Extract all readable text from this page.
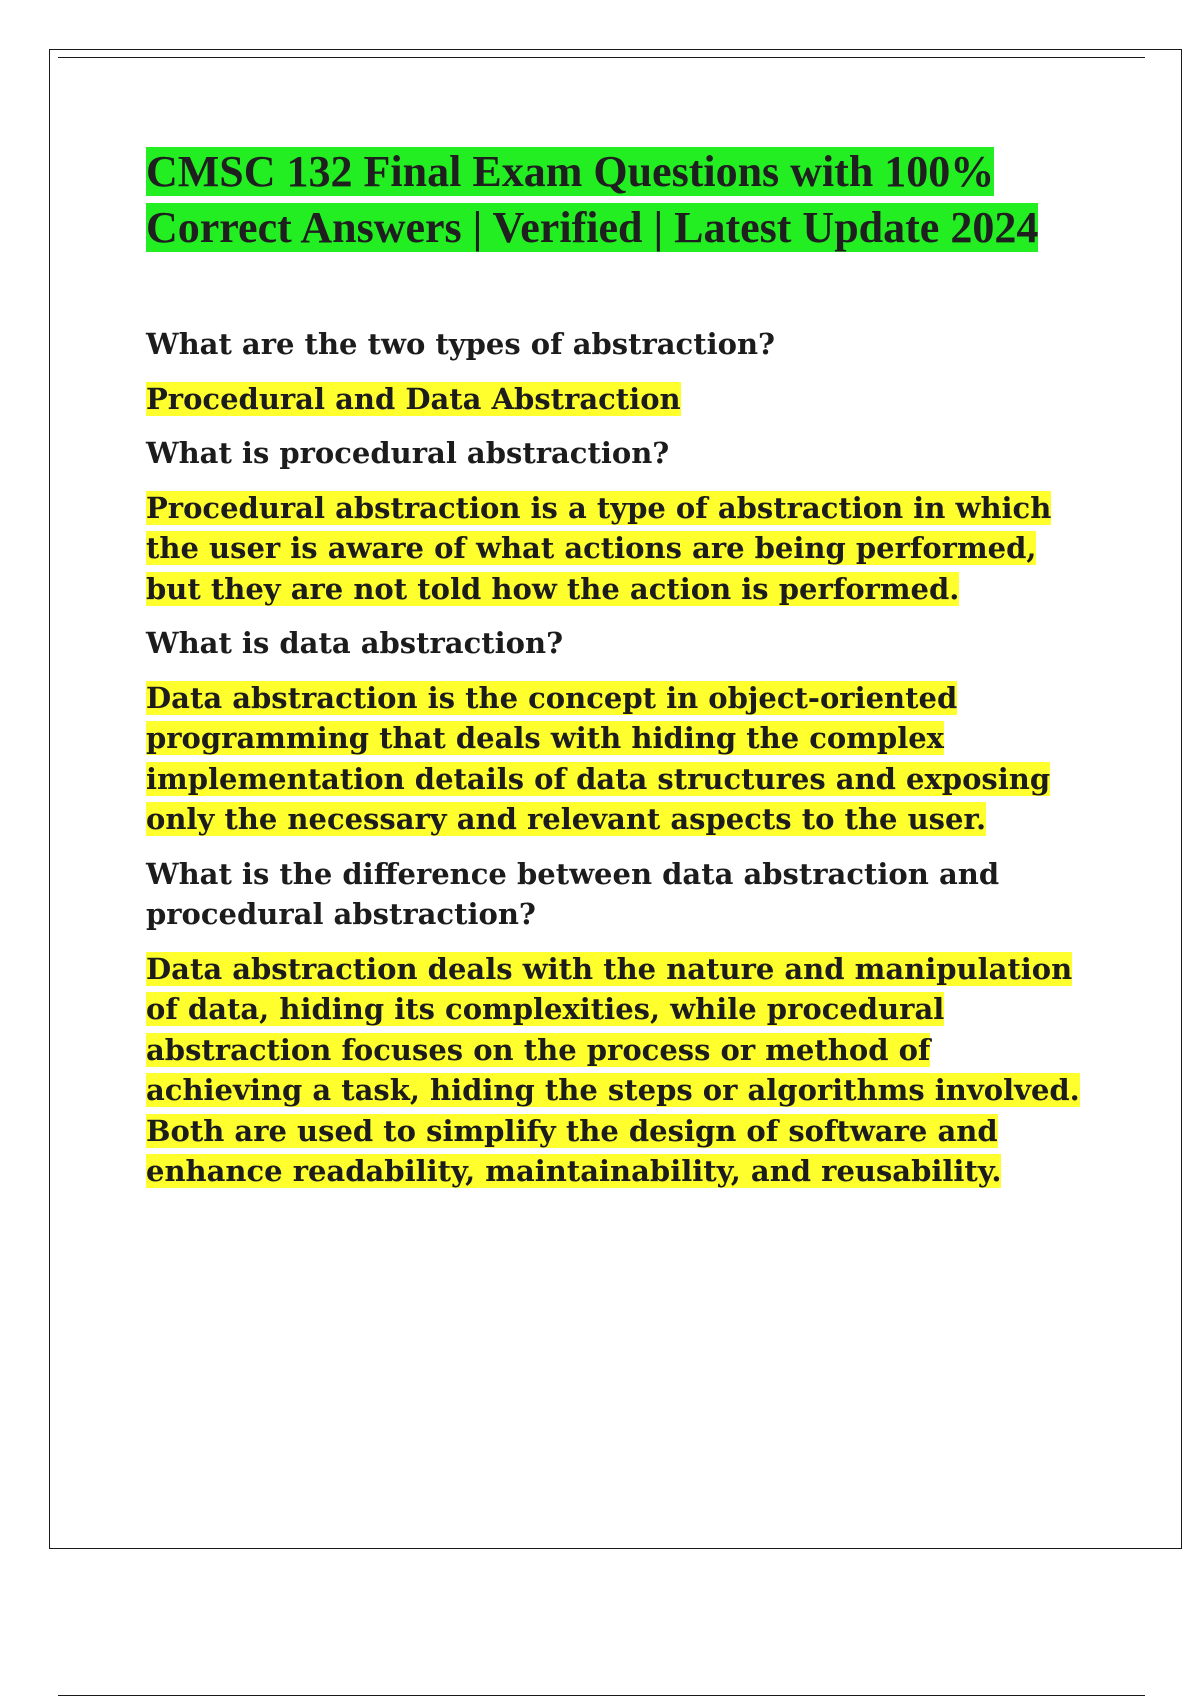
CMSC 132 Final Exam Questions with 100% Correct Answers | Verified | Latest Update 2024

What are the two types of abstraction?

Procedural and Data Abstraction

What is procedural abstraction?

Procedural abstraction is a type of abstraction in which the user is aware of what actions are being performed, but they are not told how the action is performed.

What is data abstraction?

Data abstraction is the concept in object-oriented programming that deals with hiding the complex implementation details of data structures and exposing only the necessary and relevant aspects to the user.

What is the difference between data abstraction and procedural abstraction?

Data abstraction deals with the nature and manipulation of data, hiding its complexities, while procedural abstraction focuses on the process or method of achieving a task, hiding the steps or algorithms involved. Both are used to simplify the design of software and enhance readability, maintainability, and reusability.
